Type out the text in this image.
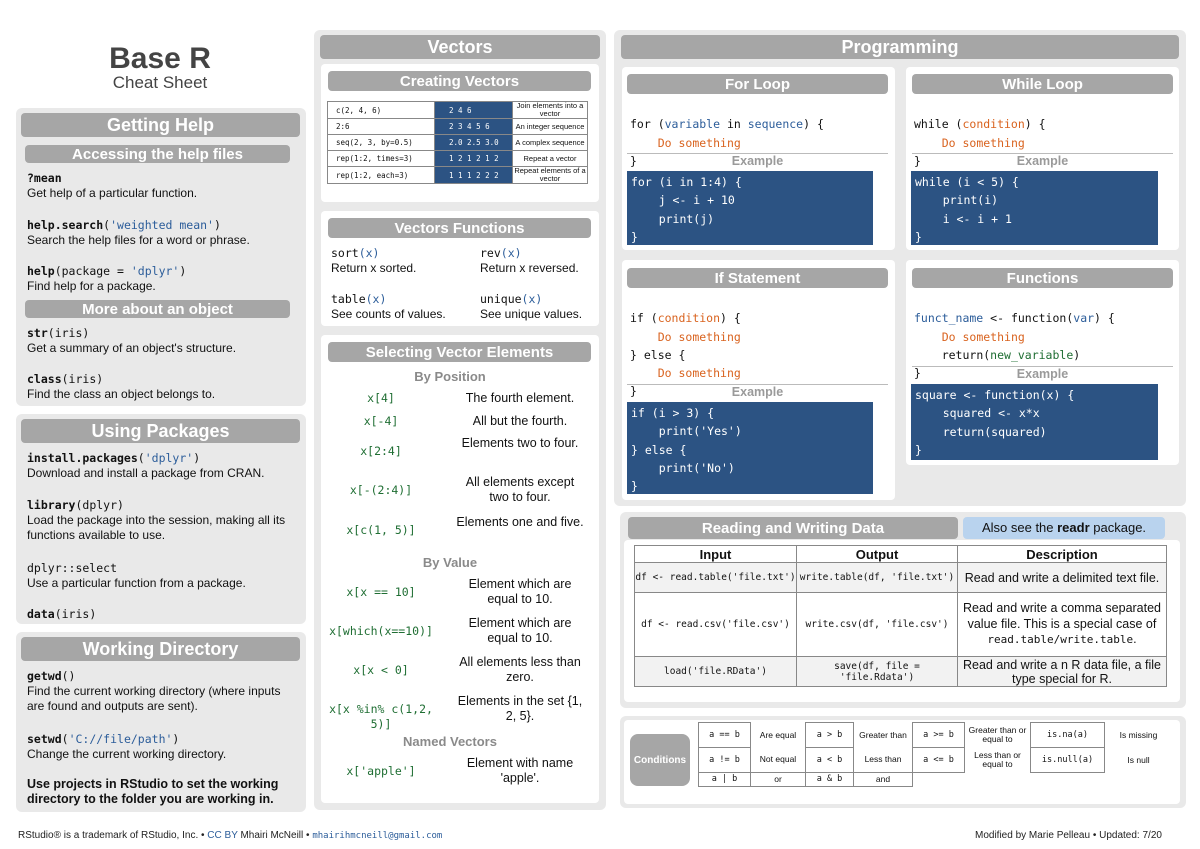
Base R
Cheat Sheet
Getting Help
Accessing the help files
?mean
Get help of a particular function.
help.search('weighted mean')
Search the help files for a word or phrase.
help(package = 'dplyr')
Find help for a package.
More about an object
str(iris)
Get a summary of an object's structure.
class(iris)
Find the class an object belongs to.
Using Packages
install.packages('dplyr')
Download and install a package from CRAN.
library(dplyr)
Load the package into the session, making all its functions available to use.
dplyr::select
Use a particular function from a package.
data(iris)
Working Directory
getwd()
Find the current working directory (where inputs are found and outputs are sent).
setwd('C://file/path')
Change the current working directory.
Use projects in RStudio to set the working directory to the folder you are working in.
Vectors
Creating Vectors
c(2, 4, 6)	2 4 6	Join elements into a vector
2:6	2 3 4 5 6	An integer sequence
seq(2, 3, by=0.5)	2.0 2.5 3.0	A complex sequence
rep(1:2, times=3)	1 2 1 2 1 2	Repeat a vector
rep(1:2, each=3)	1 1 1 2 2 2	Repeat elements of a vector
Vectors Functions
sort(x)
Return x sorted.
rev(x)
Return x reversed.
table(x)
See counts of values.
unique(x)
See unique values.
Selecting Vector Elements
By Position
x[4]	The fourth element.
x[-4]	All but the fourth.
x[2:4]
Elements two to four.
x[-(2:4)]
All elements except two to four.
x[c(1, 5)]
Elements one and five.
By Value
x[x == 10]
Element which are equal to 10.
x[which(x==10)]
Element which are equal to 10.
x[x < 0]
All elements less than zero.
x[x %in% c(1,2, 5)]
Elements in the set {1, 2, 5}.
Named Vectors
x['apple']
Element with name 'apple'.
Programming
For Loop

for (variable in sequence) {
Do something
}	Example
for (i in 1:4) {
j <- i + 10
print(j)
}
While Loop

while (condition) {
Do something
}	Example
while (i < 5) {
print(i)
i <- i + 1
}
If Statement

if (condition) {
Do something
} else {
Do something
}	Example
if (i > 3) {
print('Yes')
} else {
print('No')
}
Functions

funct_name <- function(var) {
Do something
return(new_variable)
}	Example
square <- function(x) {
squared <- x*x
return(squared)
}
Reading and Writing Data	Also see the readr package.
Input	Output	Description
df <- read.table('file.txt')	write.table(df, 'file.txt')	Read and write a delimited text file.
df <- read.csv('file.csv')	write.csv(df, 'file.csv')	Read and write a comma separated value file. This is a special case of read.table/write.table.
load('file.RData')	save(df, file = 'file.Rdata')	Read and write a n R data file, a file type special for R.
Conditions
a == b	Are equal	a > b	Greater than	a >= b	Greater than or equal to	is.na(a)	Is missing
a != b	Not equal	a < b	Less than	a <= b	Less than or equal to	is.null(a)	Is null
a | b	or	a & b	and				
RStudio® is a trademark of RStudio, Inc. • CC BY Mhairi McNeill • mhairihmcneill@gmail.com	Modified by Marie Pelleau • Updated: 7/20
